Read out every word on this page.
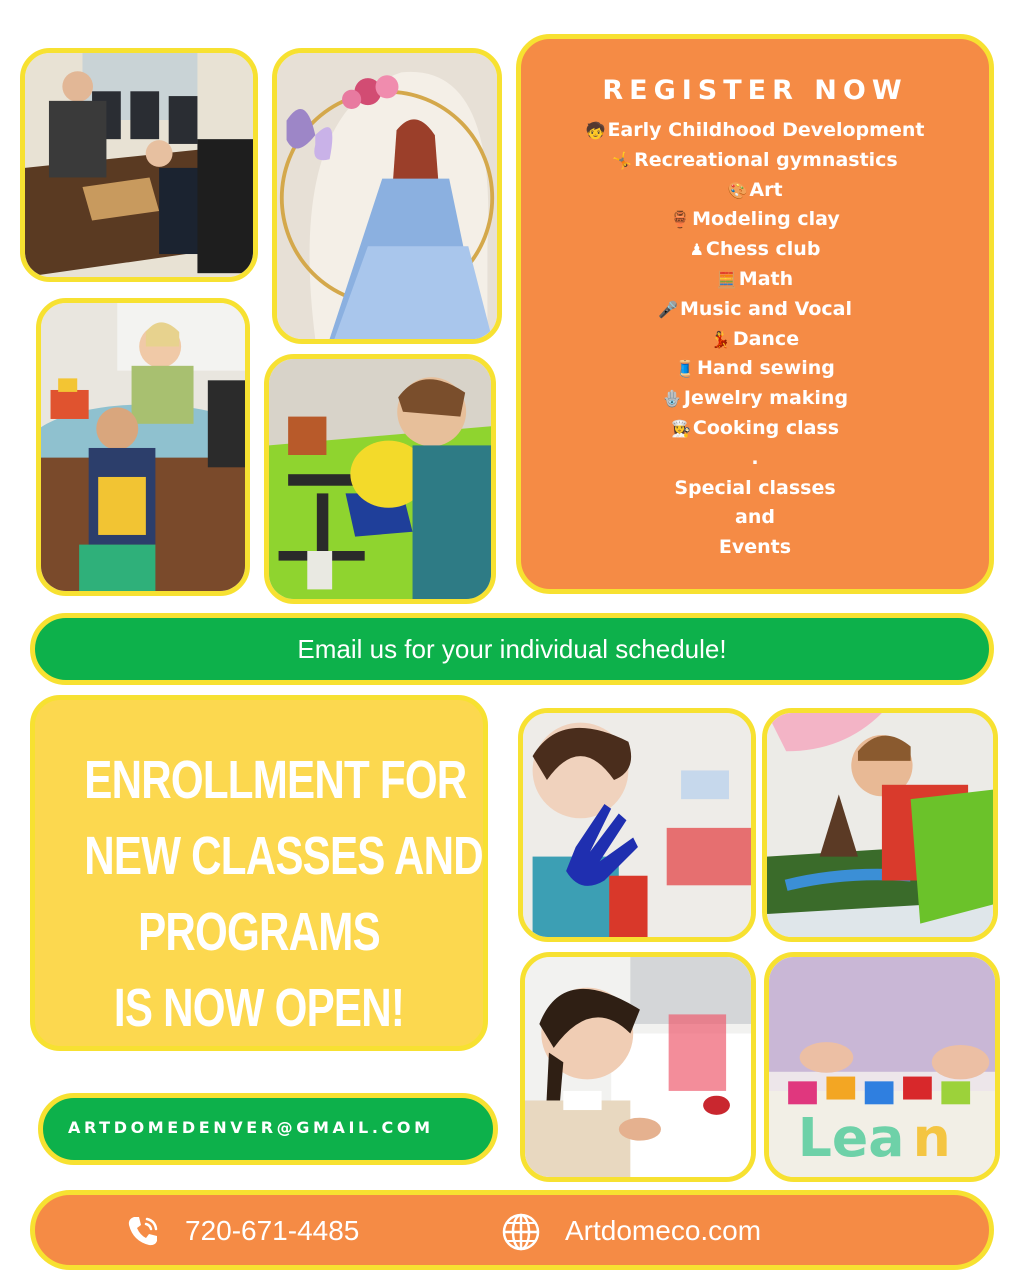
Lea n
REGISTER NOW
🧒 Early Childhood Development
🤸 Recreational gymnastics
🎨 Art
🏺 Modeling clay
♟ Chess club
🧮 Math
🎤 Music and Vocal
💃 Dance
🧵 Hand sewing
🪬 Jewelry making
👩‍🍳 Cooking class
.
Special classes
and
Events
Email us for your individual schedule!
ENROLLMENT FOR
NEW CLASSES AND
PROGRAMS
IS NOW OPEN!
ARTDOMEDENVER@GMAIL.COM
720-671-4485	Artdomeco.com
